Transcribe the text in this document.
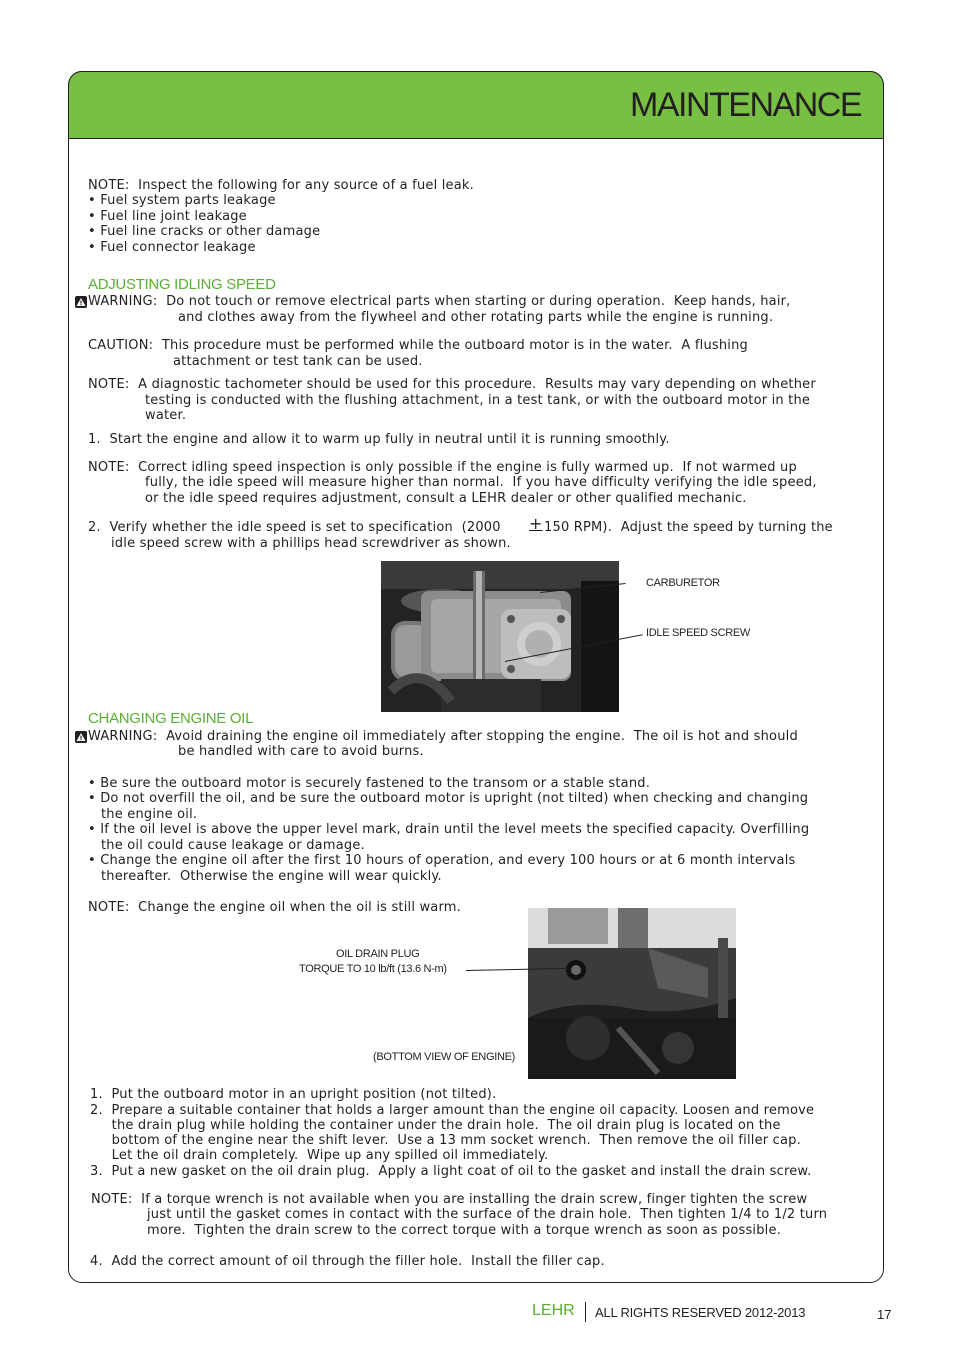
MAINTENANCE
NOTE:  Inspect the following for any source of a fuel leak.
• Fuel system parts leakage
• Fuel line joint leakage
• Fuel line cracks or other damage
• Fuel connector leakage
ADJUSTING IDLING SPEED
WARNING:  Do not touch or remove electrical parts when starting or during operation.  Keep hands, hair,
and clothes away from the flywheel and other rotating parts while the engine is running.
CAUTION:  This procedure must be performed while the outboard motor is in the water.  A flushing
attachment or test tank can be used.
NOTE:  A diagnostic tachometer should be used for this procedure.  Results may vary depending on whether
testing is conducted with the flushing attachment, in a test tank, or with the outboard motor in the
water.
1.  Start the engine and allow it to warm up fully in neutral until it is running smoothly.
NOTE:  Correct idling speed inspection is only possible if the engine is fully warmed up.  If not warmed up
fully, the idle speed will measure higher than normal.  If you have difficulty verifying the idle speed,
or the idle speed requires adjustment, consult a LEHR dealer or other qualified mechanic.
2.  Verify whether the idle speed is set to specification  (2000 + 150 RPM).  Adjust the speed by turning the
idle speed screw with a phillips head screwdriver as shown.
CARBURETOR
IDLE SPEED SCREW
CHANGING ENGINE OIL
WARNING:  Avoid draining the engine oil immediately after stopping the engine.  The oil is hot and should
be handled with care to avoid burns.
• Be sure the outboard motor is securely fastened to the transom or a stable stand.
• Do not overfill the oil, and be sure the outboard motor is upright (not tilted) when checking and changing
the engine oil.
• If the oil level is above the upper level mark, drain until the level meets the specified capacity. Overfilling
the oil could cause leakage or damage.
• Change the engine oil after the first 10 hours of operation, and every 100 hours or at 6 month intervals
thereafter.  Otherwise the engine will wear quickly.
NOTE:  Change the engine oil when the oil is still warm.
OIL DRAIN PLUG
TORQUE TO 10 lb/ft (13.6 N-m)
(BOTTOM VIEW OF ENGINE)
1.  Put the outboard motor in an upright position (not tilted).
2.  Prepare a suitable container that holds a larger amount than the engine oil capacity. Loosen and remove
the drain plug while holding the container under the drain hole.  The oil drain plug is located on the
bottom of the engine near the shift lever.  Use a 13 mm socket wrench.  Then remove the oil filler cap.
Let the oil drain completely.  Wipe up any spilled oil immediately.
3.  Put a new gasket on the oil drain plug.  Apply a light coat of oil to the gasket and install the drain screw.
NOTE:  If a torque wrench is not available when you are installing the drain screw, finger tighten the screw
just until the gasket comes in contact with the surface of the drain hole.  Then tighten 1/4 to 1/2 turn
more.  Tighten the drain screw to the correct torque with a torque wrench as soon as possible.
4.  Add the correct amount of oil through the filler hole.  Install the filler cap.
LEHR ALL RIGHTS RESERVED 2012-2013	17
